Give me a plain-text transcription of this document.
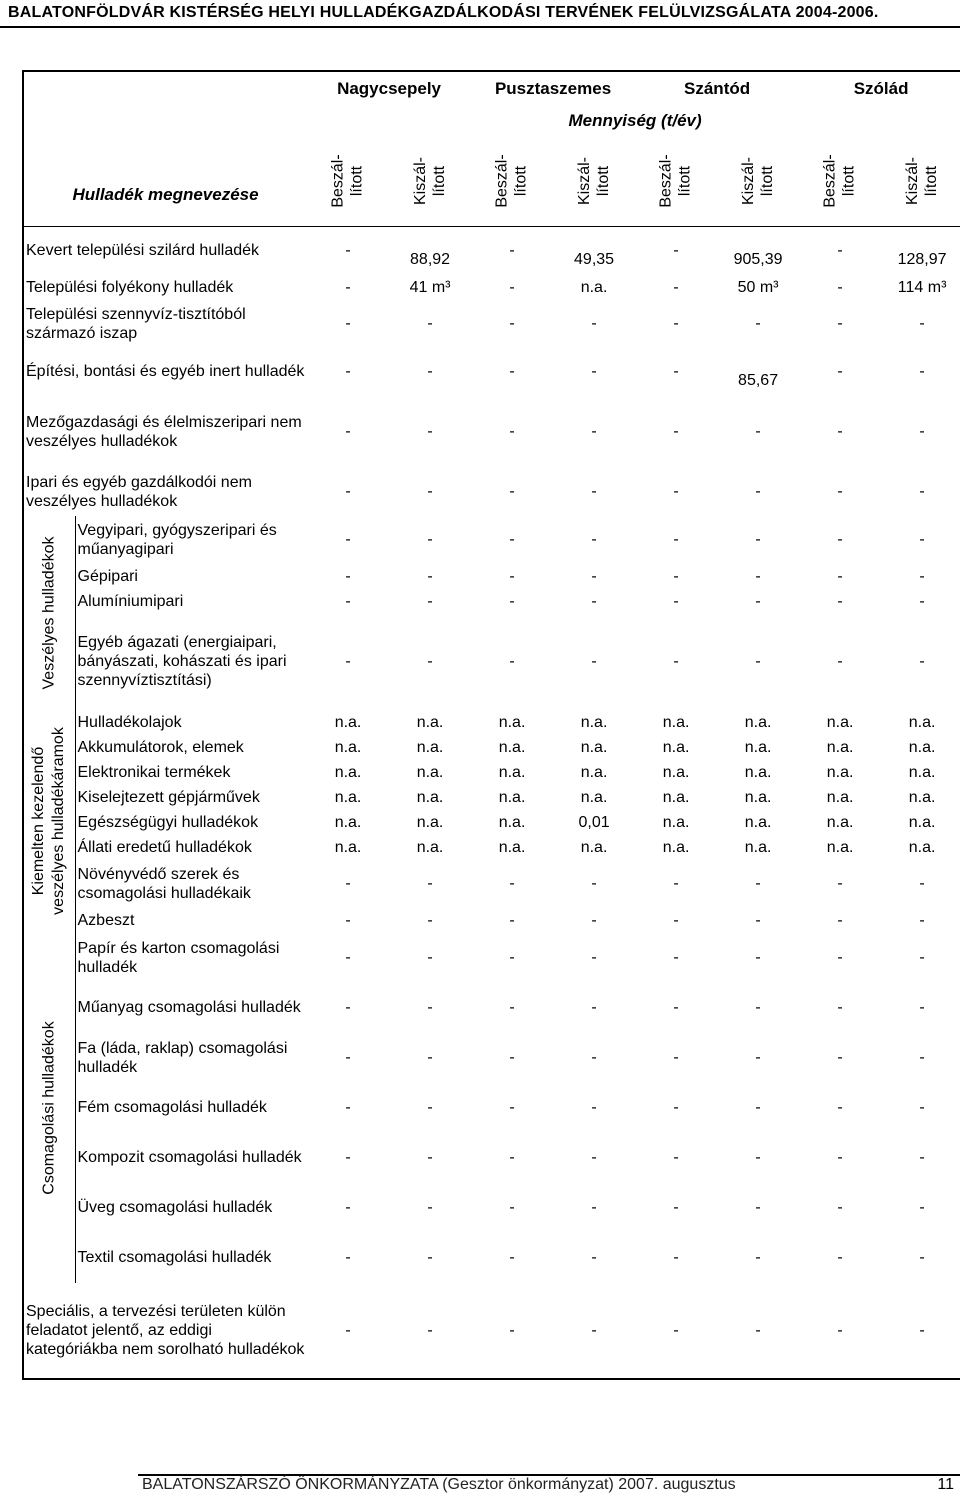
BALATONFÖLDVÁR KISTÉRSÉG HELYI HULLADÉKGAZDÁLKODÁSI TERVÉNEK FELÜLVIZSGÁLATA 2004-2006.
Hulladék megnevezése		Nagycsepely		Pusztaszemes		Szántód		Szólád	
		Mennyiség (t/év)							
		Beszál- lított	Kiszál- lított	Beszál- lított	Kiszál- lított	Beszál- lított	Kiszál- lított	Beszál- lított	Kiszál- lított
Kevert települési szilárd hulladék		-	88,92	-	49,35	-	905,39	-	128,97
Települési folyékony hulladék		-	41 m³	-	n.a.	-	50 m³	-	114 m³
Települési szennyvíz-tisztítóból származó iszap		-	-	-	-	-	-	-	-
Építési, bontási és egyéb inert hulladék		-	-	-	-	-	85,67	-	-
Mezőgazdasági és élelmiszeripari nem veszélyes hulladékok		-	-	-	-	-	-	-	-
Ipari és egyéb gazdálkodói nem veszélyes hulladékok		-	-	-	-	-	-	-	-

Veszélyes hulladékok	Vegyipari, gyógyszeripari és műanyagipari	-	-	-	-	-	-	-	-
	Gépipari	-	-	-	-	-	-	-	-
	Alumíniumipari	-	-	-	-	-	-	-	-
	Egyéb ágazati (energiaipari, bányászati, kohászati és ipari szennyvíztisztítási)	-	-	-	-	-	-	-	-

Kiemelten kezelendő veszélyes hulladékáramok	Hulladékolajok	n.a.	n.a.	n.a.	n.a.	n.a.	n.a.	n.a.	n.a.
	Akkumulátorok, elemek	n.a.	n.a.	n.a.	n.a.	n.a.	n.a.	n.a.	n.a.
	Elektronikai termékek	n.a.	n.a.	n.a.	n.a.	n.a.	n.a.	n.a.	n.a.
	Kiselejtezett gépjárművek	n.a.	n.a.	n.a.	n.a.	n.a.	n.a.	n.a.	n.a.
	Egészségügyi hulladékok	n.a.	n.a.	n.a.	0,01	n.a.	n.a.	n.a.	n.a.
	Állati eredetű hulladékok	n.a.	n.a.	n.a.	n.a.	n.a.	n.a.	n.a.	n.a.
	Növényvédő szerek és csomagolási hulladékaik	-	-	-	-	-	-	-	-
	Azbeszt	-	-	-	-	-	-	-	-

Csomagolási hulladékok	Papír és karton csomagolási hulladék	-	-	-	-	-	-	-	-
	Műanyag csomagolási hulladék	-	-	-	-	-	-	-	-
	Fa (láda, raklap) csomagolási hulladék	-	-	-	-	-	-	-	-
	Fém csomagolási hulladék	-	-	-	-	-	-	-	-
	Kompozit csomagolási hulladék	-	-	-	-	-	-	-	-
	Üveg csomagolási hulladék	-	-	-	-	-	-	-	-
	Textil csomagolási hulladék	-	-	-	-	-	-	-	-
Speciális, a tervezési területen külön feladatot jelentő, az eddigi kategóriákba nem sorolható hulladékok		-	-	-	-	-	-	-	-
BALATONSZÁRSZÓ ÖNKORMÁNYZATA (Gesztor önkormányzat) 2007. augusztus	11
